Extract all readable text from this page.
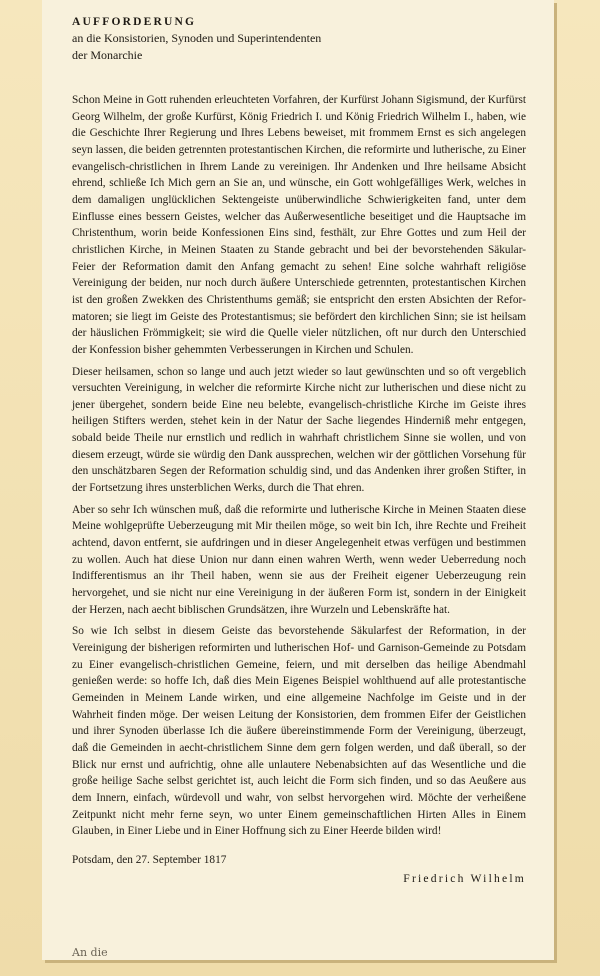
AUFFORDERUNG

an die Konsistorien, Synoden und Superintendenten

der Monarchie

Schon Meine in Gott ruhenden erleuchteten Vorfahren, der Kurfürst Johann Sigismund, der Kurfürst Georg Wilhelm, der große Kurfürst, König Friedrich I. und König Friedrich Wilhelm I., haben, wie die Geschichte Ihrer Regierung und Ihres Lebens beweiset, mit frommem Ernst es sich angelegen seyn lassen, die beiden getrennten protestantischen Kirchen, die reformirte und lutherische, zu Einer evangelisch-christlichen in Ihrem Lande zu vereinigen. Ihr Andenken und Ihre heilsame Absicht ehrend, schließe Ich Mich gern an Sie an, und wünsche, ein Gott wohlgefälliges Werk, welches in dem damaligen unglücklichen Sektengeiste unüberwindliche Schwierigkeiten fand, unter dem Einflusse eines bessern Geistes, welcher das Außerwesentliche beseitiget und die Hauptsache im Christenthum, worin beide Konfessionen Eins sind, festhält, zur Ehre Gottes und zum Heil der christlichen Kirche, in Meinen Staaten zu Stande gebracht und bei der bevorstehenden Säkular-Feier der Reformation damit den Anfang gemacht zu sehen! Eine solche wahrhaft religiöse Vereinigung der beiden, nur noch durch äußere Unterschiede getrennten, protestantischen Kirchen ist den großen Zwekken des Christenthums gemäß; sie entspricht den ersten Absichten der Reformatoren; sie liegt im Geiste des Protestantismus; sie befördert den kirchlichen Sinn; sie ist heilsam der häuslichen Frömmigkeit; sie wird die Quelle vieler nützlichen, oft nur durch den Unterschied der Konfession bisher gehemmten Verbesserungen in Kirchen und Schulen.

Dieser heilsamen, schon so lange und auch jetzt wieder so laut gewünschten und so oft vergeblich versuchten Vereinigung, in welcher die reformirte Kirche nicht zur lutherischen und diese nicht zu jener übergehet, sondern beide Eine neu belebte, evangelisch-christliche Kirche im Geiste ihres heiligen Stifters werden, stehet kein in der Natur der Sache liegendes Hinderniß mehr entgegen, sobald beide Theile nur ernstlich und redlich in wahrhaft christlichem Sinne sie wollen, und von diesem erzeugt, würde sie würdig den Dank aussprechen, welchen wir der göttlichen Vorsehung für den unschätzbaren Segen der Reformation schuldig sind, und das Andenken ihrer großen Stifter, in der Fortsetzung ihres unsterblichen Werks, durch die That ehren.

Aber so sehr Ich wünschen muß, daß die reformirte und lutherische Kirche in Meinen Staaten diese Meine wohlgeprüfte Ueberzeugung mit Mir theilen möge, so weit bin Ich, ihre Rechte und Freiheit achtend, davon entfernt, sie aufdringen und in dieser Angelegenheit etwas verfügen und bestimmen zu wollen. Auch hat diese Union nur dann einen wahren Werth, wenn weder Ueberredung noch Indifferentismus an ihr Theil haben, wenn sie aus der Freiheit eigener Ueberzeugung rein hervorgehet, und sie nicht nur eine Vereinigung in der äußeren Form ist, sondern in der Einigkeit der Herzen, nach aecht biblischen Grundsätzen, ihre Wurzeln und Lebenskräfte hat.

So wie Ich selbst in diesem Geiste das bevorstehende Säkularfest der Reformation, in der Vereinigung der bisherigen reformirten und lutherischen Hof- und Garnison-Gemeinde zu Potsdam zu Einer evangelisch-christlichen Gemeine, feiern, und mit derselben das heilige Abendmahl genießen werde: so hoffe Ich, daß dies Mein Eigenes Beispiel wohlthuend auf alle protestantische Gemeinden in Meinem Lande wirken, und eine allgemeine Nachfolge im Geiste und in der Wahrheit finden möge. Der weisen Leitung der Konsistorien, dem frommen Eifer der Geistlichen und ihrer Synoden überlasse Ich die äußere übereinstimmende Form der Vereinigung, überzeugt, daß die Gemeinden in aecht-christlichem Sinne dem gern folgen werden, und daß überall, so der Blick nur ernst und aufrichtig, ohne alle unlautere Nebenabsichten auf das Wesentliche und die große heilige Sache selbst gerichtet ist, auch leicht die Form sich finden, und so das Aeußere aus dem Innern, einfach, würdevoll und wahr, von selbst hervorgehen wird. Möchte der verheißene Zeitpunkt nicht mehr ferne seyn, wo unter Einem gemeinschaftlichen Hirten Alles in Einem Glauben, in Einer Liebe und in Einer Hoffnung sich zu Einer Heerde bilden wird!

Potsdam, den 27. September 1817
Friedrich Wilhelm
An die
